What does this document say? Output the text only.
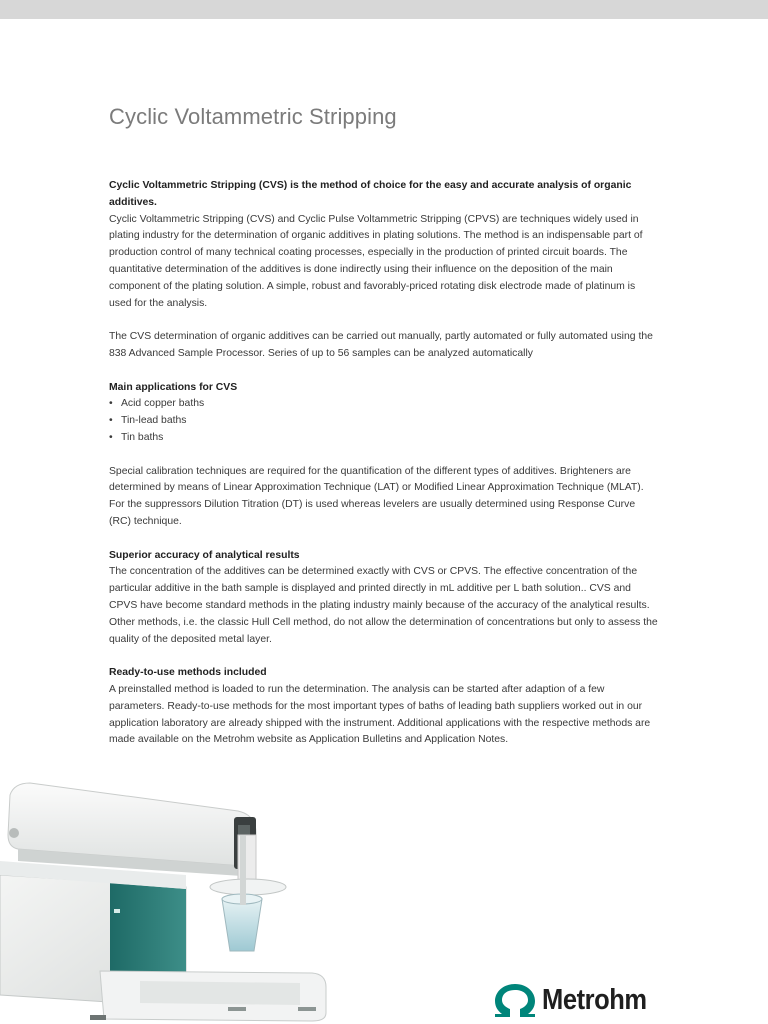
Cyclic Voltammetric Stripping

Cyclic Voltammetric Stripping (CVS) is the method of choice for the easy and accurate analysis of organic additives.

Cyclic Voltammetric Stripping (CVS) and Cyclic Pulse Voltammetric Stripping (CPVS) are techniques widely used in plating industry for the determination of organic additives in plating solutions. The method is an indispensable part of production control of many technical coating processes, especially in the production of printed circuit boards. The quantitative determination of the additives is done indirectly using their influence on the deposition of the main component of the plating solution. A simple, robust and favorably-priced rotating disk electrode made of platinum is used for the analysis.

The CVS determination of organic additives can be carried out manually, partly automated or fully automated using the 838 Advanced Sample Processor. Series of up to 56 samples can be analyzed automatically

Main applications for CVS

• Acid copper baths
• Tin-lead baths
• Tin baths

Special calibration techniques are required for the quantification of the different types of additives. Brighteners are determined by means of Linear Approximation Technique (LAT) or Modified Linear Approximation Technique (MLAT). For the suppressors Dilution Titration (DT) is used whereas levelers are usually determined using Response Curve (RC) technique.

Superior accuracy of analytical results

The concentration of the additives can be determined exactly with CVS or CPVS. The effective concentration of the particular additive in the bath sample is displayed and printed directly in mL additive per L bath solution.. CVS and CPVS have become standard methods in the plating industry mainly because of the accuracy of the analytical results. Other methods, i.e. the classic Hull Cell method, do not allow the determination of concentrations but only to assess the quality of the deposited metal layer.

Ready-to-use methods included

A preinstalled method is loaded to run the determination. The analysis can be started after adaption of a few parameters. Ready-to-use methods for the most important types of baths of leading bath suppliers worked out in our application laboratory are already shipped with the instrument. Additional applications with the respective methods are made available on the Metrohm website as Application Bulletins and Application Notes.

Metrohm
